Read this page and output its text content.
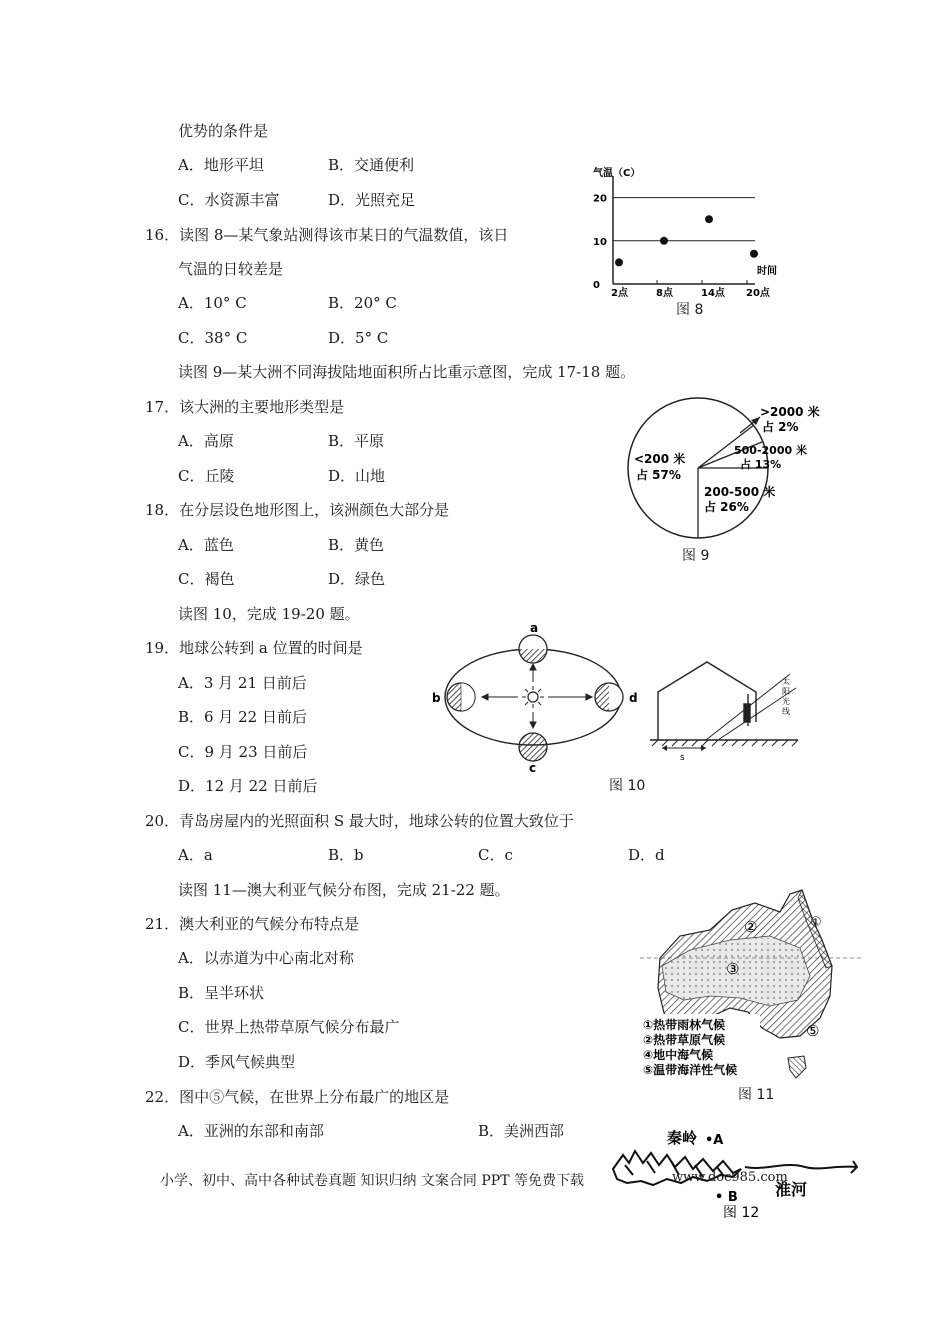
优势的条件是
A．地形平坦	B．交通便利
C．水资源丰富	D．光照充足
16．读图 8—某气象站测得该市某日的气温数值，该日
气温的日较差是
A．10° C	B．20° C
C．38° C	D．5° C
气温（C）
0
10
20
2点	8点	14点 20点
时间
图 8
读图 9—某大洲不同海拔陆地面积所占比重示意图，完成 17-18 题。
17．该大洲的主要地形类型是
A．高原	B．平原
C．丘陵	D．山地
18．在分层设色地形图上，该洲颜色大部分是
A．蓝色	B．黄色
C．褐色	D．绿色
<200 米
占 57%
200-500 米
占 26%
500-2000 米
占 13%
>2000 米
占 2%
图 9
读图 10，完成 19-20 题。
19．地球公转到 a 位置的时间是
A．3 月 21 日前后
B．6 月 22 日前后
C．9 月 23 日前后
D．12 月 22 日前后
a
b
c
d
s
太
阳
光
线
图 10
20．青岛房屋内的光照面积 S 最大时，地球公转的位置大致位于
A．a	B．b	C．c	D．d
读图 11—澳大利亚气候分布图，完成 21-22 题。
21．澳大利亚的气候分布特点是
A．以赤道为中心南北对称
B．呈半环状
C．世界上热带草原气候分布最广
D．季风气候典型
②	①
③
⑤
①热带雨林气候
②热带草原气候
④地中海气候
⑤温带海洋性气候
图 11
22．图中⑤气候，在世界上分布最广的地区是
A．亚洲的东部和南部	B．美洲西部	秦岭 •A
• B 淮河
图 12
小学、初中、高中各种试卷真题 知识归纳 文案合同 PPT 等免费下载	www.doc985.com
